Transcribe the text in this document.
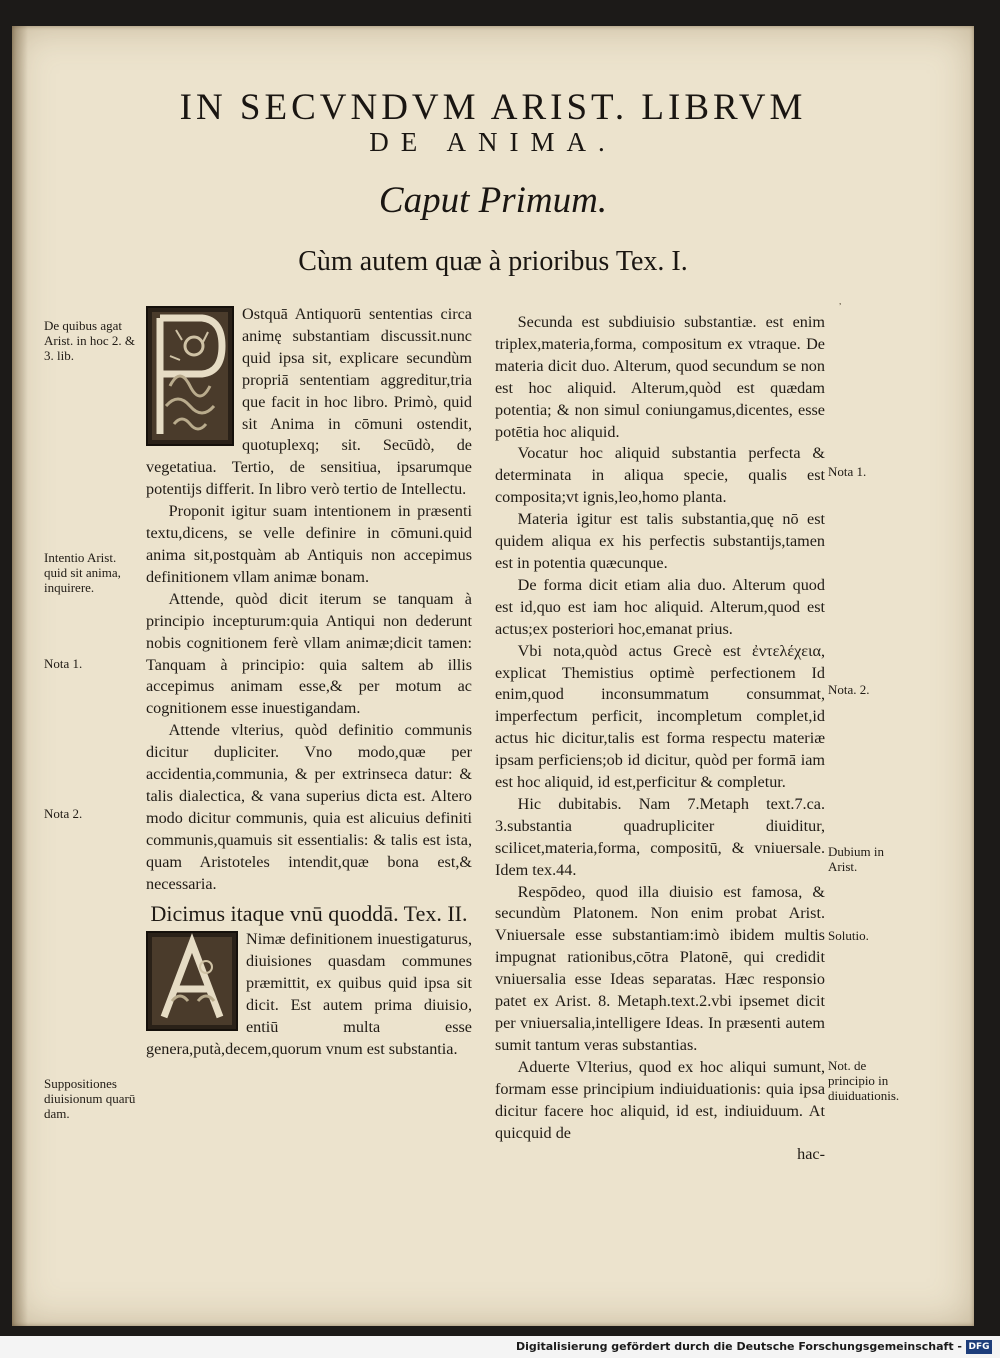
IN SECVNDVM ARIST. LIBRVM
DE ANIMA.
Caput Primum.
Cùm autem quæ à prioribus Tex. I.

Ostquā Antiquorū sententias circa animę substantiam discussit.nunc quid ipsa sit, explicare secundùm propriā sententiam aggreditur,tria que facit in hoc libro. Primò, quid sit Anima in cōmuni ostendit, quotuplexq; sit. Secūdò, de vegetatiua. Tertio, de sensitiua, ipsarumque potentijs differit. In libro verò tertio de Intellectu.

Proponit igitur suam intentionem in præsenti textu,dicens, se velle definire in cōmuni.quid anima sit,postquàm ab Antiquis non accepimus definitionem vllam animæ bonam.

Attende, quòd dicit iterum se tanquam à principio incepturum:quia Antiqui non dederunt nobis cognitionem ferè vllam animæ;dicit tamen: Tanquam à principio: quia saltem ab illis accepimus animam esse,& per motum ac cognitionem esse inuestigandam.

Attende vlterius, quòd definitio communis dicitur dupliciter. Vno modo,quæ per accidentia,communia, & per extrinseca datur: & talis dialectica, & vana superius dicta est. Altero modo dicitur communis, quia est alicuius definiti communis,quamuis sit essentialis: & talis est ista, quam Aristoteles intendit,quæ bona est,& necessaria.

Dicimus itaque vnū quoddā. Tex. II.

Nimæ definitionem inuestigaturus, diuisiones quasdam communes præmittit, ex quibus quid ipsa sit dicit. Est autem prima diuisio, entiū multa esse genera,putà,decem,quorum vnum est substantia.

Secunda est subdiuisio substantiæ. est enim triplex,materia,forma, compositum ex vtraque. De materia dicit duo. Alterum, quod secundum se non est hoc aliquid. Alterum,quòd est quædam potentia; & non simul coniungamus,dicentes, esse potētia hoc aliquid.

Vocatur hoc aliquid substantia perfecta & determinata in aliqua specie, qualis est composita;vt ignis,leo,homo planta.

Materia igitur est talis substantia,quę nō est quidem aliqua ex his perfectis substantijs,tamen est in potentia quæcunque.

De forma dicit etiam alia duo. Alterum quod est id,quo est iam hoc aliquid. Alterum,quod est actus;ex posteriori hoc,emanat prius.

Vbi nota,quòd actus Grecè est ἐντελέχεια, explicat Themistius optimè perfectionem Id enim,quod inconsummatum consummat, imperfectum perficit, incompletum complet,id actus hic dicitur,talis est forma respectu materiæ ipsam perficiens;ob id dicitur, quòd per formā iam est hoc aliquid, id est,perficitur & completur.

Hic dubitabis. Nam 7.Metaph text.7.ca. 3.substantia quadrupliciter diuiditur, scilicet,materia,forma, compositū, & vniuersale. Idem tex.44.

Respōdeo, quod illa diuisio est famosa, & secundùm Platonem. Non enim probat Arist. Vniuersale esse substantiam:imò ibidem multis impugnat rationibus,cōtra Platonē, qui credidit vniuersalia esse Ideas separatas. Hæc responsio patet ex Arist. 8. Metaph.text.2.vbi ipsemet dicit per vniuersalia,intelligere Ideas. In præsenti autem sumit tantum veras substantias.

Aduerte Vlterius, quod ex hoc aliqui sumunt, formam esse principium indiuiduationis: quia ipsa dicitur facere hoc aliquid, id est, indiuiduum. At quicquid de

hac-

De quibus agat Arist. in hoc 2. & 3. lib.
Intentio Arist. quid sit anima, inquirere.
Nota 1.
Nota 2.
Suppositiones diuisionum quarū dam.
Nota 1.
Nota. 2.
Dubium in Arist.
Solutio.
Not. de principio in diuiduationis.
᾽
Digitalisierung gefördert durch die Deutsche Forschungsgemeinschaft - DFG
